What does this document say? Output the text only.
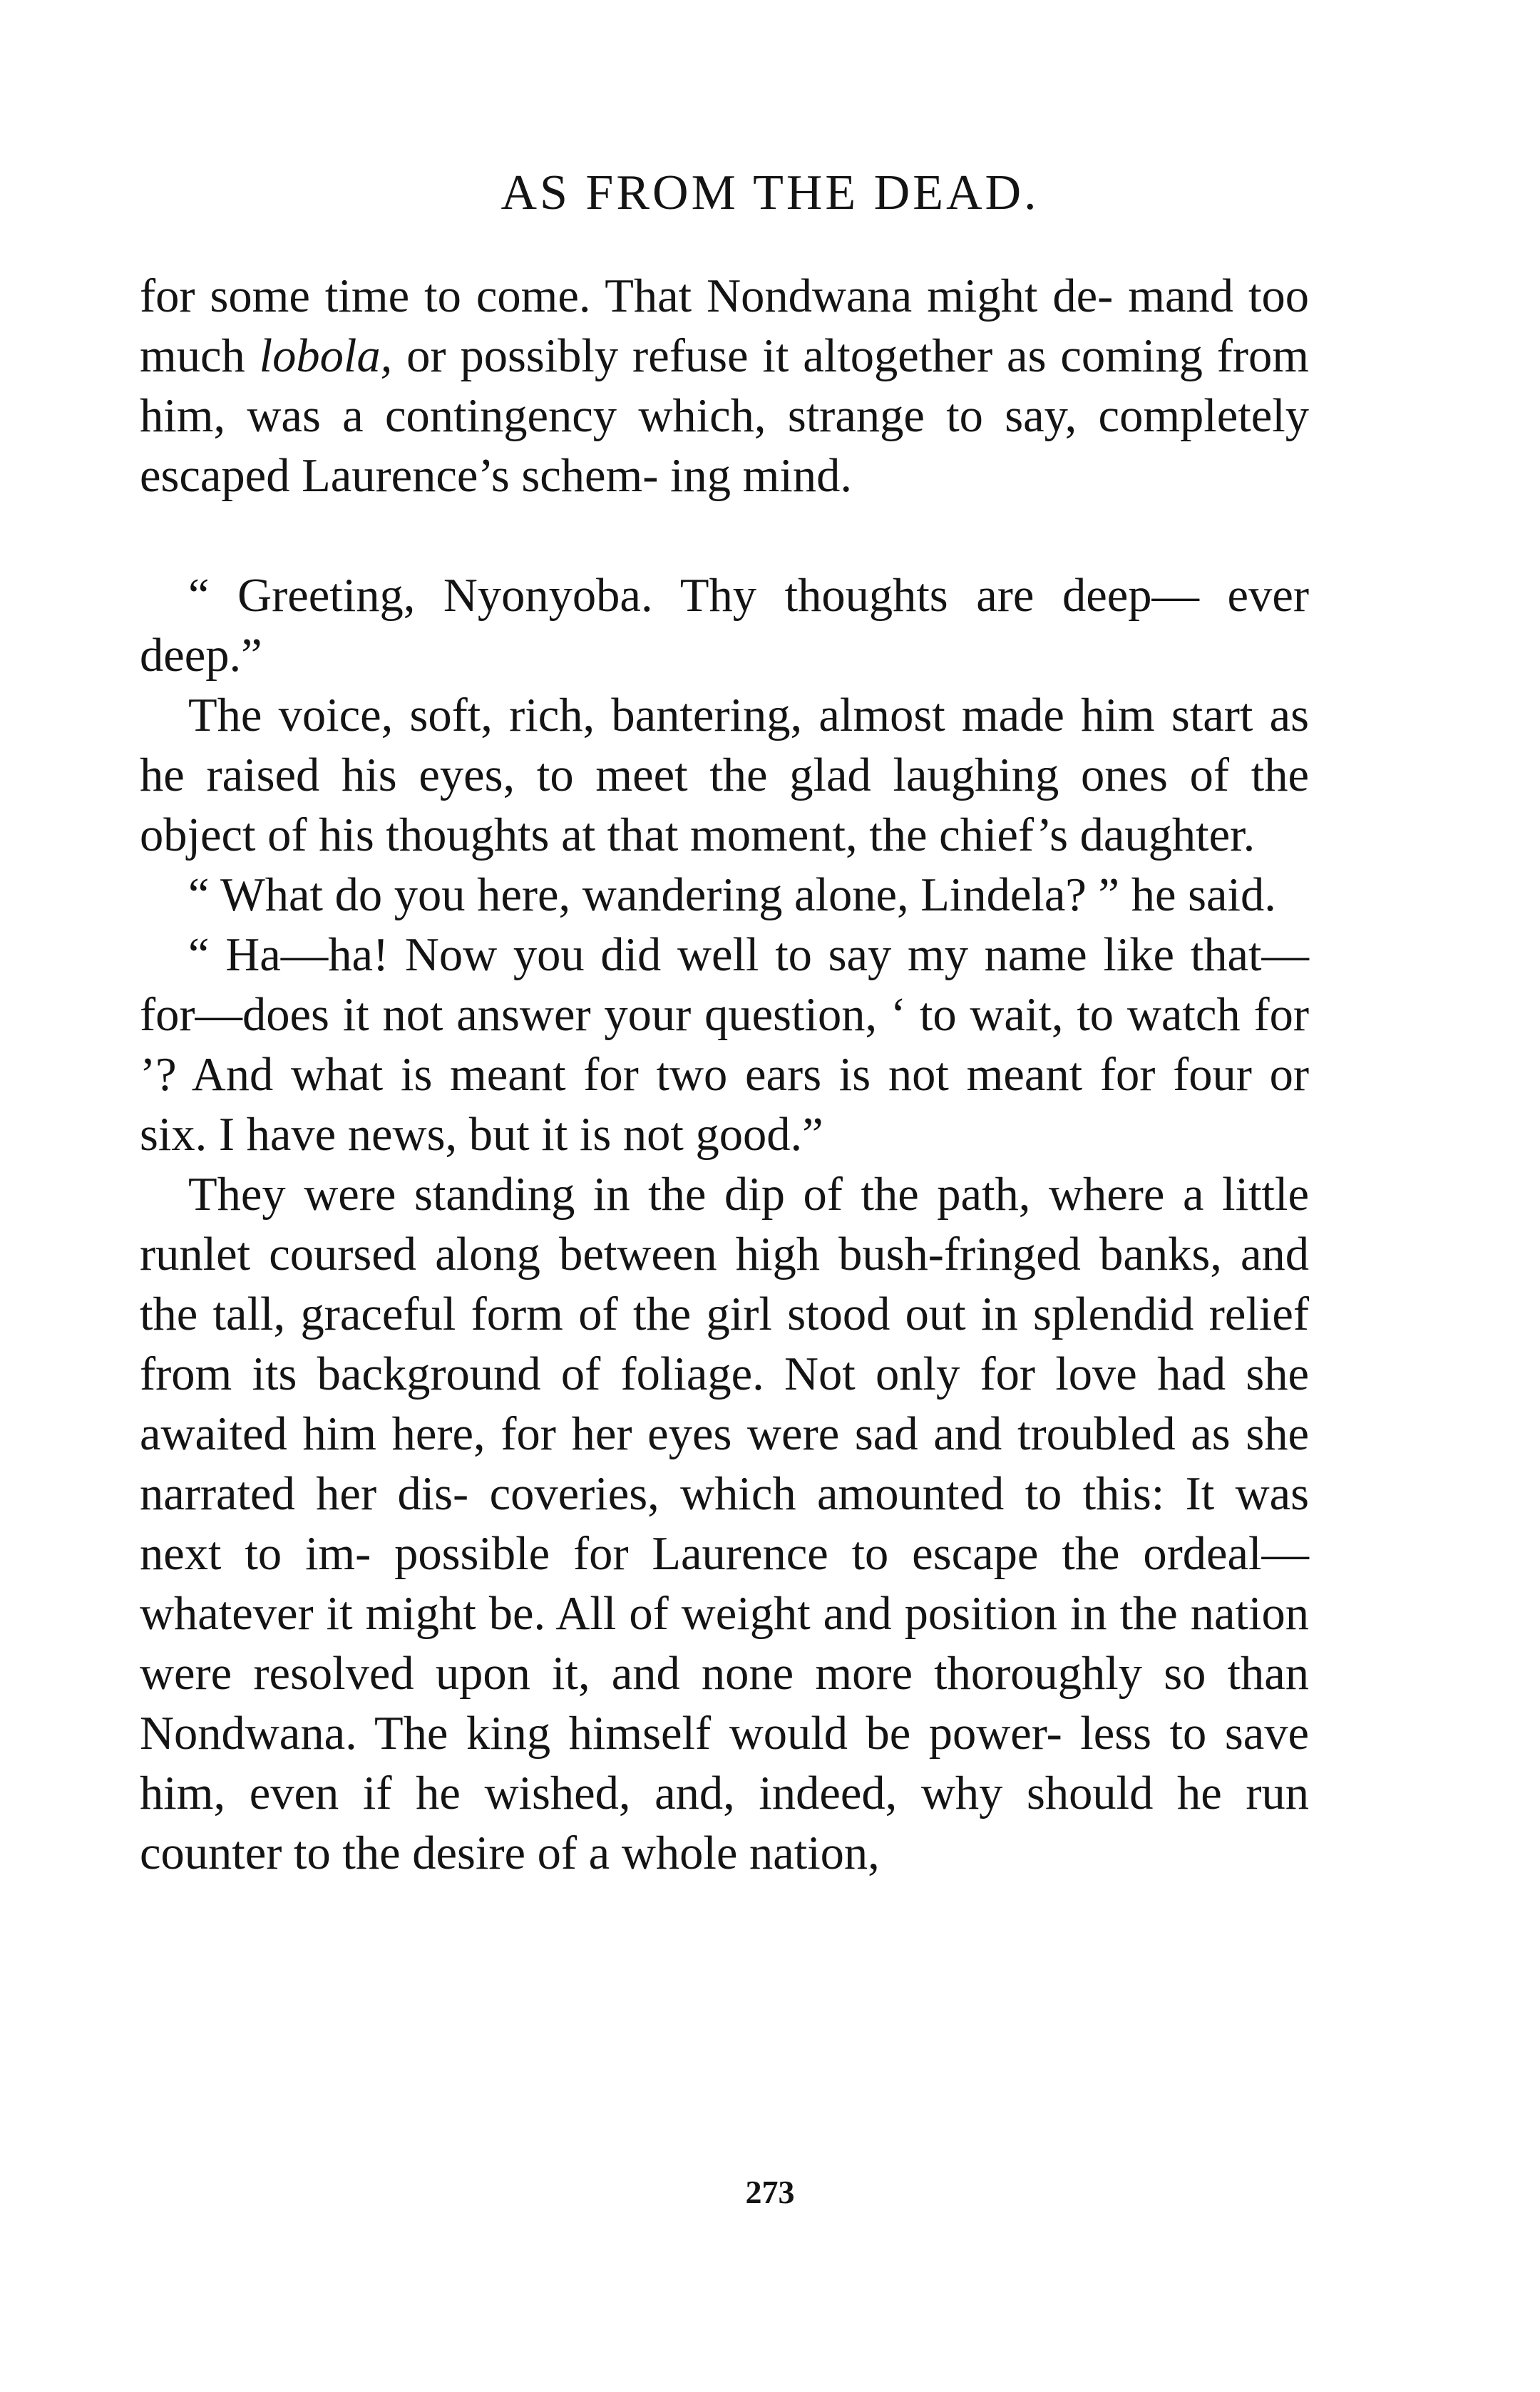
AS FROM THE DEAD.

for some time to come. That Nondwana might de- mand too much lobola, or possibly refuse it altogether as coming from him, was a contingency which, strange to say, completely escaped Laurence’s schem- ing mind.

“ Greeting, Nyonyoba. Thy thoughts are deep— ever deep.”

The voice, soft, rich, bantering, almost made him start as he raised his eyes, to meet the glad laughing ones of the object of his thoughts at that moment, the chief’s daughter.

“ What do you here, wandering alone, Lindela? ” he said.

“ Ha—ha! Now you did well to say my name like that—for—does it not answer your question, ‘ to wait, to watch for ’? And what is meant for two ears is not meant for four or six. I have news, but it is not good.”

They were standing in the dip of the path, where a little runlet coursed along between high bush-fringed banks, and the tall, graceful form of the girl stood out in splendid relief from its background of foliage. Not only for love had she awaited him here, for her eyes were sad and troubled as she narrated her dis- coveries, which amounted to this: It was next to im- possible for Laurence to escape the ordeal—whatever it might be. All of weight and position in the nation were resolved upon it, and none more thoroughly so than Nondwana. The king himself would be power- less to save him, even if he wished, and, indeed, why should he run counter to the desire of a whole nation,

273
